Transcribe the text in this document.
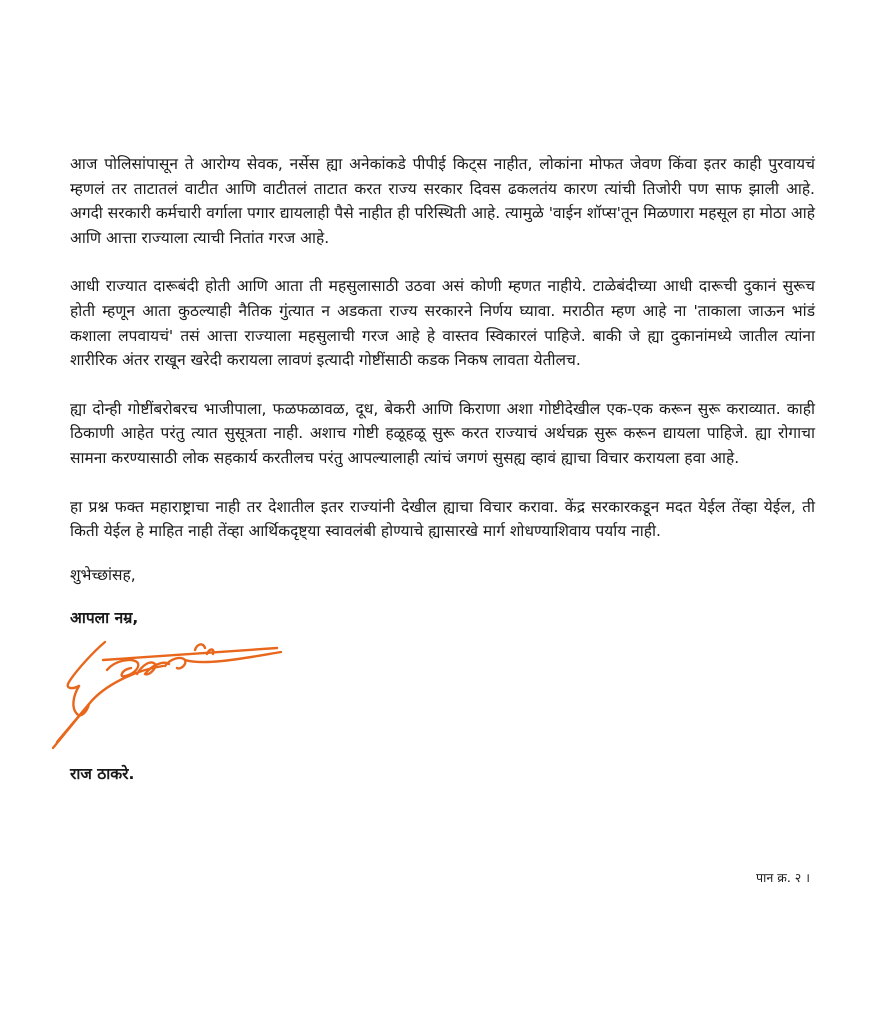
आज पोलिसांपासून ते आरोग्य सेवक, नर्सेस ह्या अनेकांकडे पीपीई किट्स नाहीत, लोकांना मोफत जेवण किंवा इतर काही पुरवायचं म्हणलं तर ताटातलं वाटीत आणि वाटीतलं ताटात करत राज्य सरकार दिवस ढकलतंय कारण त्यांची तिजोरी पण साफ झाली आहे. अगदी सरकारी कर्मचारी वर्गाला पगार द्यायलाही पैसे नाहीत ही परिस्थिती आहे. त्यामुळे 'वाईन शॉप्स'तून मिळणारा महसूल हा मोठा आहे आणि आत्ता राज्याला त्याची नितांत गरज आहे.

आधी राज्यात दारूबंदी होती आणि आता ती महसुलासाठी उठवा असं कोणी म्हणत नाहीये. टाळेबंदीच्या आधी दारूची दुकानं सुरूच होती म्हणून आता कुठल्याही नैतिक गुंत्यात न अडकता राज्य सरकारने निर्णय घ्यावा. मराठीत म्हण आहे ना 'ताकाला जाऊन भांडं कशाला लपवायचं' तसं आत्ता राज्याला महसुलाची गरज आहे हे वास्तव स्विकारलं पाहिजे. बाकी जे ह्या दुकानांमध्ये जातील त्यांना शारीरिक अंतर राखून खरेदी करायला लावणं इत्यादी गोष्टींसाठी कडक निकष लावता येतीलच.

ह्या दोन्ही गोष्टींबरोबरच भाजीपाला, फळफळावळ, दूध, बेकरी आणि किराणा अशा गोष्टीदेखील एक-एक करून सुरू कराव्यात. काही ठिकाणी आहेत परंतु त्यात सुसूत्रता नाही. अशाच गोष्टी हळूहळू सुरू करत राज्याचं अर्थचक्र सुरू करून द्यायला पाहिजे. ह्या रोगाचा सामना करण्यासाठी लोक सहकार्य करतीलच परंतु आपल्यालाही त्यांचं जगणं सुसह्य व्हावं ह्याचा विचार करायला हवा आहे.

हा प्रश्न फक्त महाराष्ट्राचा नाही तर देशातील इतर राज्यांनी देखील ह्याचा विचार करावा. केंद्र सरकारकडून मदत येईल तेंव्हा येईल, ती किती येईल हे माहित नाही तेंव्हा आर्थिकदृष्ट्या स्वावलंबी होण्याचे ह्यासारखे मार्ग शोधण्याशिवाय पर्याय नाही.

शुभेच्छांसह,
आपला नम्र,
राज ठाकरे.
पान क्र. २ ।
